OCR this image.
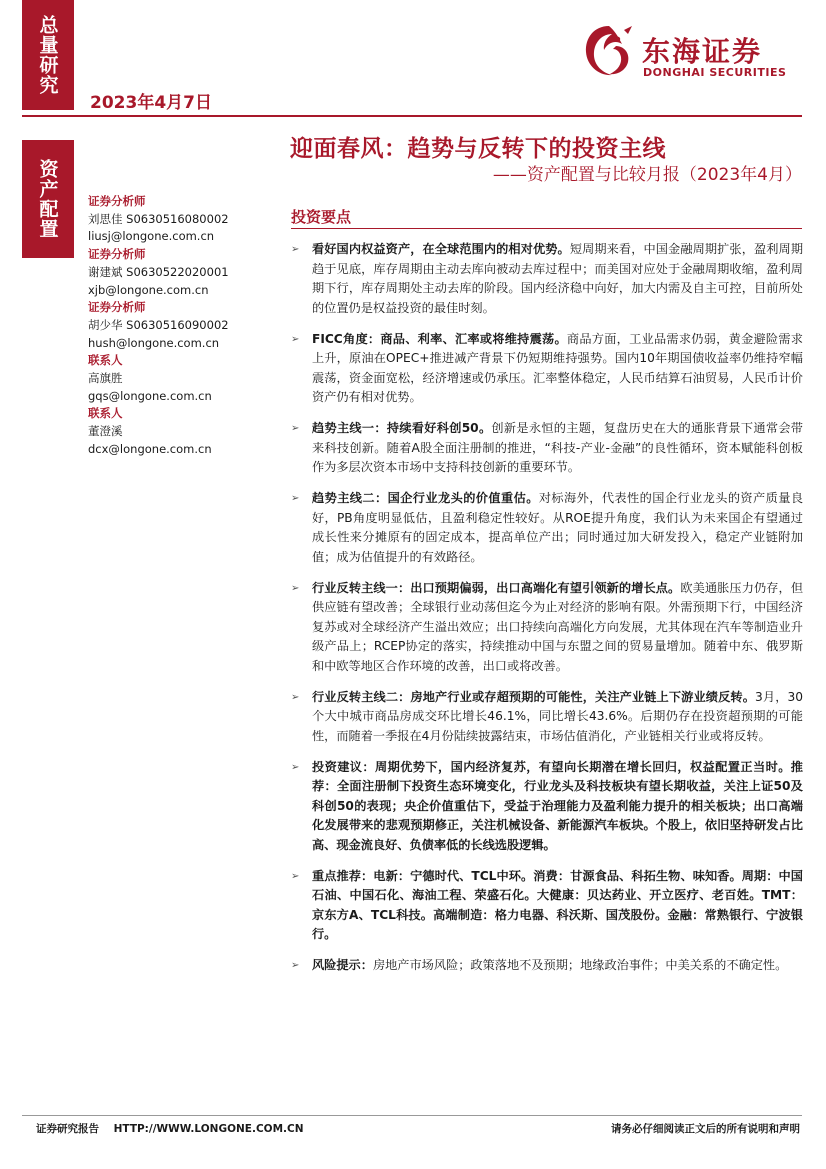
总量研究
2023年4月7日
东海证券
DONGHAI SECURITIES
资产配置
迎面春风：趋势与反转下的投资主线
——资产配置与比较月报（2023年4月）
证券分析师
刘思佳 S0630516080002
liusj@longone.com.cn
证券分析师
谢建斌 S0630522020001
xjb@longone.com.cn
证券分析师
胡少华 S0630516090002
hush@longone.com.cn
联系人
高旗胜
gqs@longone.com.cn
联系人
董澄溪
dcx@longone.com.cn
投资要点
➢ 看好国内权益资产，在全球范围内的相对优势。短周期来看，中国金融周期扩张，盈利周期趋于见底，库存周期由主动去库向被动去库过程中；而美国对应处于金融周期收缩，盈利周期下行，库存周期处主动去库的阶段。国内经济稳中向好，加大内需及自主可控，目前所处的位置仍是权益投资的最佳时刻。
➢ FICC角度：商品、利率、汇率或将维持震荡。商品方面，工业品需求仍弱，黄金避险需求上升，原油在OPEC+推进减产背景下仍短期维持强势。国内10年期国债收益率仍维持窄幅震荡，资金面宽松，经济增速或仍承压。汇率整体稳定，人民币结算石油贸易，人民币计价资产仍有相对优势。
➢ 趋势主线一：持续看好科创50。创新是永恒的主题，复盘历史在大的通胀背景下通常会带来科技创新。随着A股全面注册制的推进，“科技-产业-金融”的良性循环，资本赋能科创板作为多层次资本市场中支持科技创新的重要环节。
➢ 趋势主线二：国企行业龙头的价值重估。对标海外，代表性的国企行业龙头的资产质量良好，PB角度明显低估，且盈利稳定性较好。从ROE提升角度，我们认为未来国企有望通过成长性来分摊原有的固定成本，提高单位产出；同时通过加大研发投入，稳定产业链附加值；成为估值提升的有效路径。
➢ 行业反转主线一：出口预期偏弱，出口高端化有望引领新的增长点。欧美通胀压力仍存，但供应链有望改善；全球银行业动荡但迄今为止对经济的影响有限。外需预期下行，中国经济复苏或对全球经济产生溢出效应；出口持续向高端化方向发展，尤其体现在汽车等制造业升级产品上；RCEP协定的落实，持续推动中国与东盟之间的贸易量增加。随着中东、俄罗斯和中欧等地区合作环境的改善，出口或将改善。
➢ 行业反转主线二：房地产行业或存超预期的可能性，关注产业链上下游业绩反转。3月，30个大中城市商品房成交环比增长46.1%，同比增长43.6%。后期仍存在投资超预期的可能性，而随着一季报在4月份陆续披露结束，市场估值消化，产业链相关行业或将反转。
➢ 投资建议：周期优势下，国内经济复苏，有望向长期潜在增长回归，权益配置正当时。推荐：全面注册制下投资生态环境变化，行业龙头及科技板块有望长期收益，关注上证50及科创50的表现；央企价值重估下，受益于治理能力及盈利能力提升的相关板块；出口高端化发展带来的悲观预期修正，关注机械设备、新能源汽车板块。个股上，依旧坚持研发占比高、现金流良好、负债率低的长线选股逻辑。
➢ 重点推荐：电新：宁德时代、TCL中环。消费：甘源食品、科拓生物、味知香。周期：中国石油、中国石化、海油工程、荣盛石化。大健康：贝达药业、开立医疗、老百姓。TMT：京东方A、TCL科技。高端制造：格力电器、科沃斯、国茂股份。金融：常熟银行、宁波银行。
➢ 风险提示：房地产市场风险；政策落地不及预期；地缘政治事件；中美关系的不确定性。
证券研究报告    HTTP://WWW.LONGONE.COM.CN	请务必仔细阅读正文后的所有说明和声明
